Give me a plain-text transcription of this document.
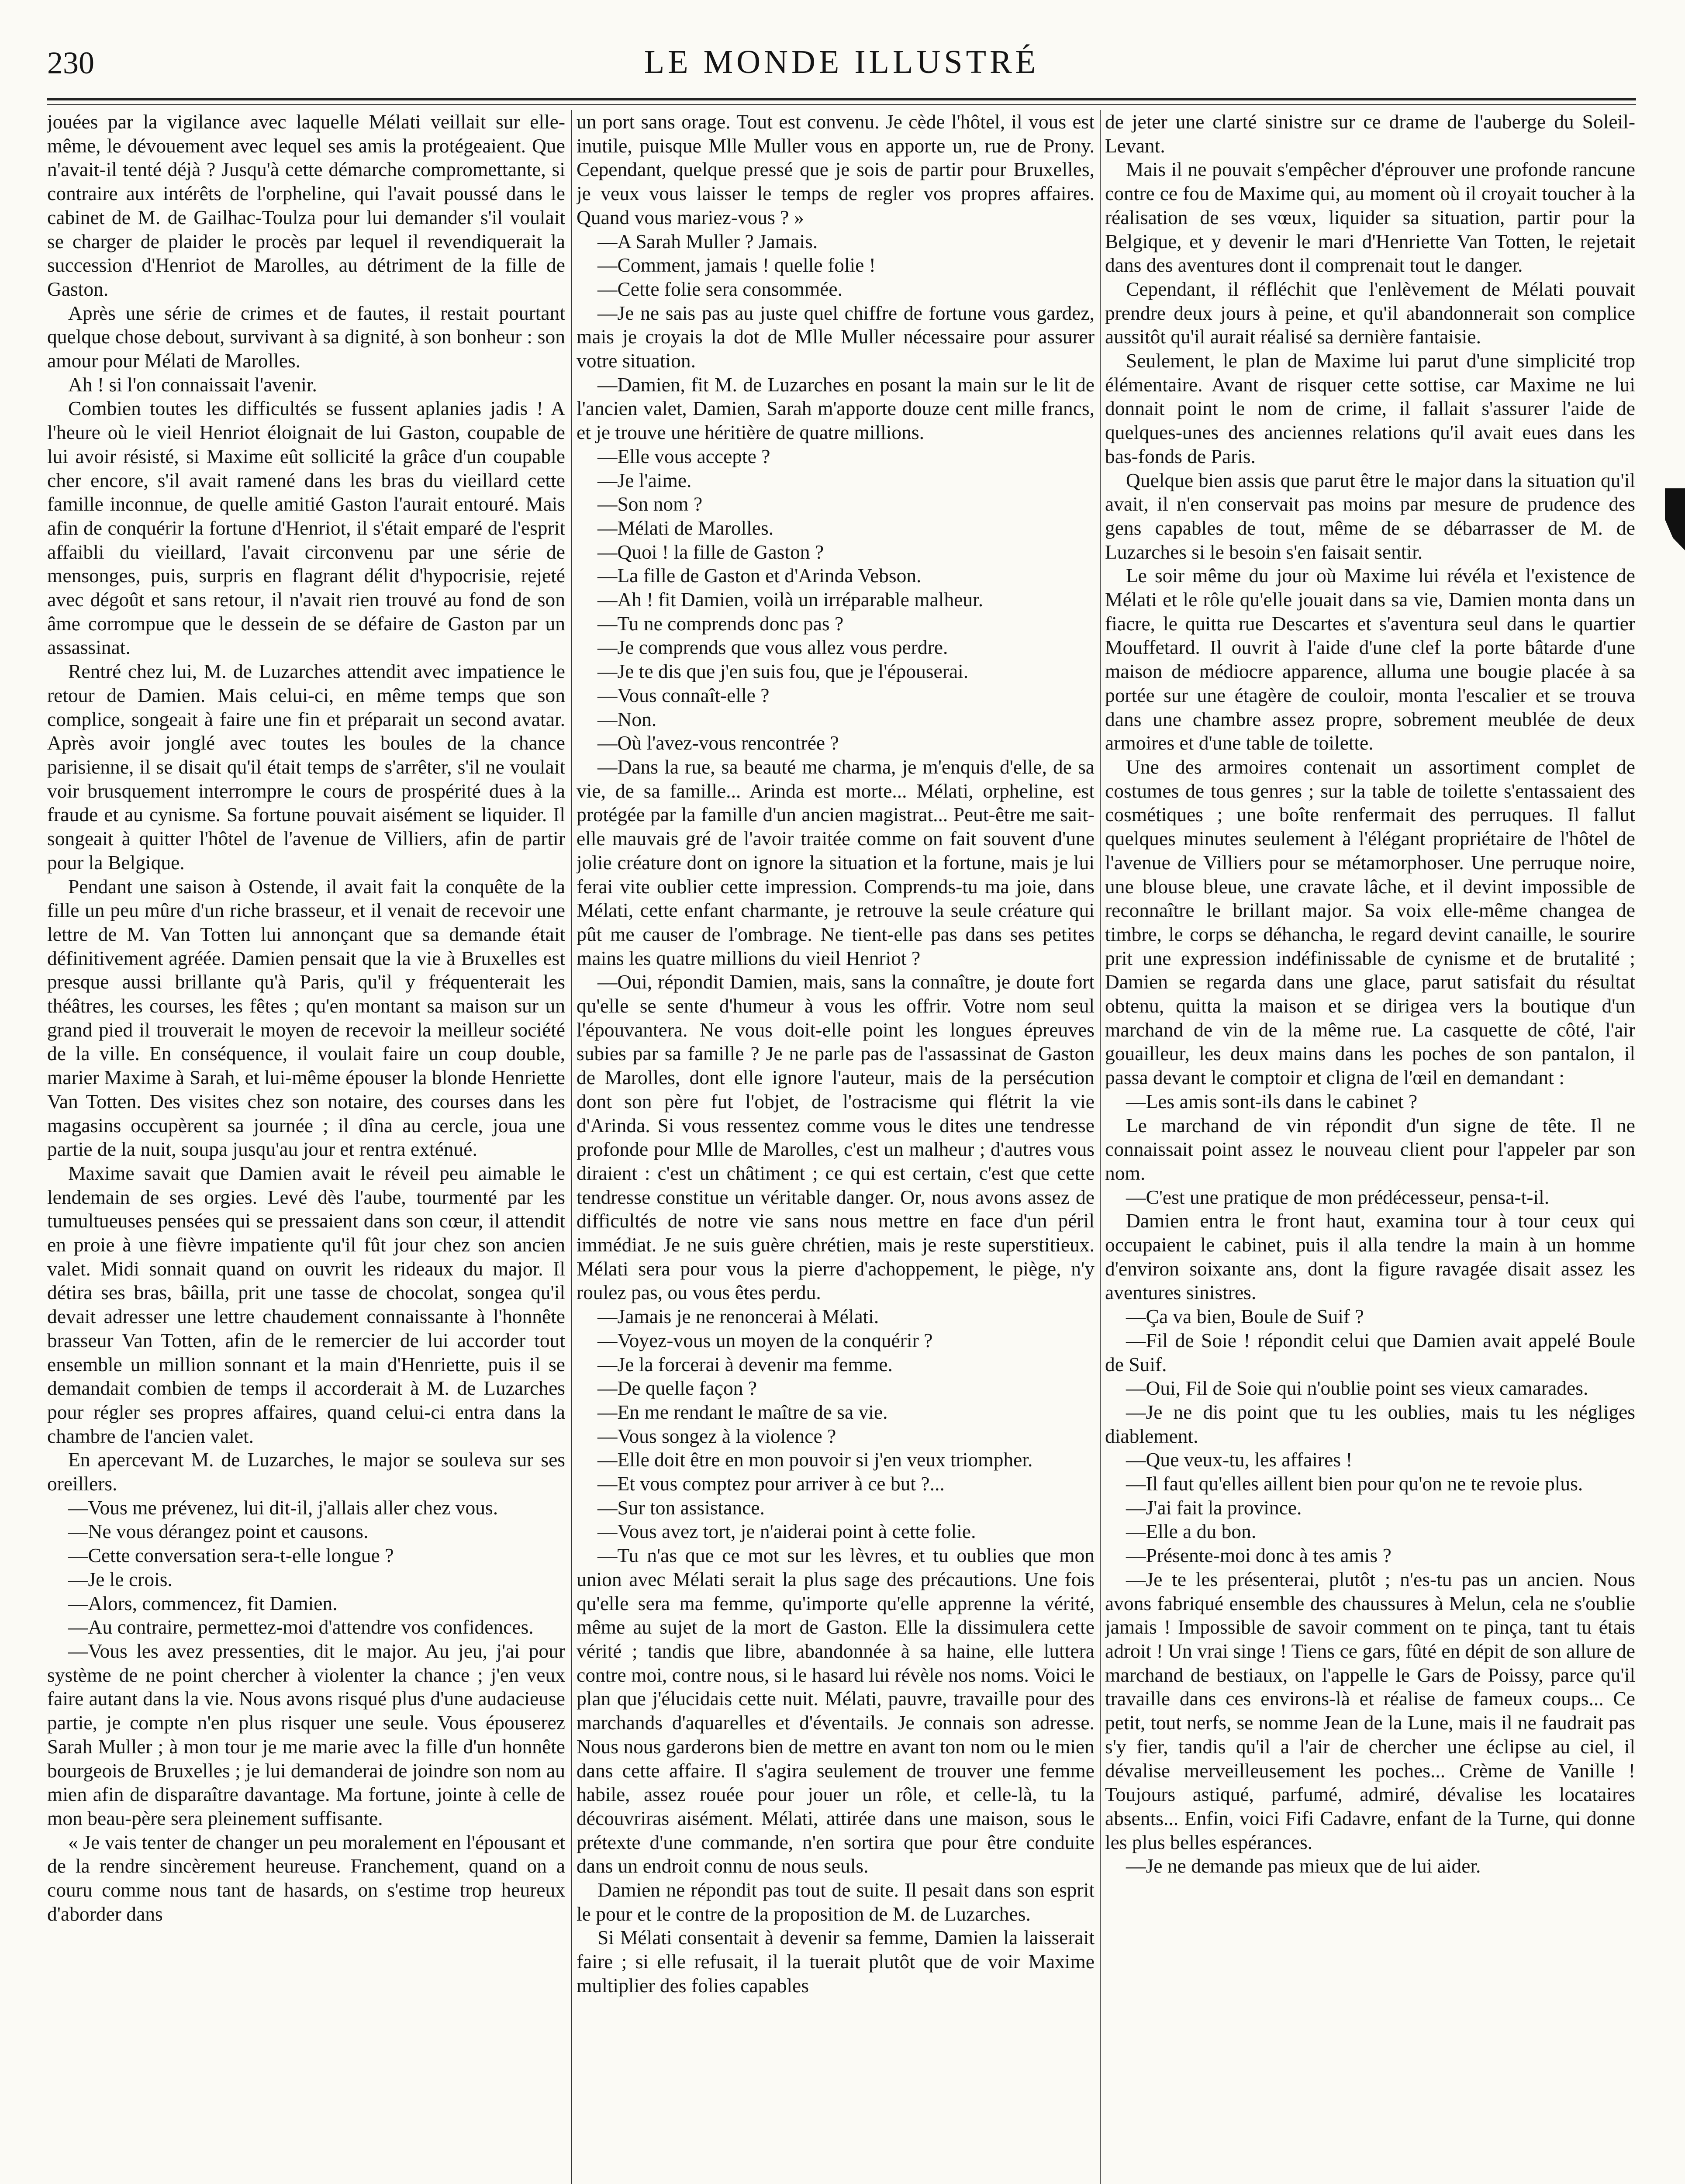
230	LE MONDE ILLUSTRÉ

jouées par la vigilance avec laquelle Mélati veillait sur elle-même, le dévouement avec lequel ses amis la protégeaient. Que n'avait-il tenté déjà ? Jusqu'à cette démarche compromettante, si contraire aux intérêts de l'orpheline, qui l'avait poussé dans le cabinet de M. de Gailhac-Toulza pour lui demander s'il voulait se charger de plaider le procès par lequel il revendiquerait la succession d'Henriot de Marolles, au détriment de la fille de Gaston.

Après une série de crimes et de fautes, il restait pourtant quelque chose debout, survivant à sa dignité, à son bonheur : son amour pour Mélati de Marolles.

Ah ! si l'on connaissait l'avenir.

Combien toutes les difficultés se fussent aplanies jadis ! A l'heure où le vieil Henriot éloignait de lui Gaston, coupable de lui avoir résisté, si Maxime eût sollicité la grâce d'un coupable cher encore, s'il avait ramené dans les bras du vieillard cette famille inconnue, de quelle amitié Gaston l'aurait entouré. Mais afin de conquérir la fortune d'Henriot, il s'était emparé de l'esprit affaibli du vieillard, l'avait circonvenu par une série de mensonges, puis, surpris en flagrant délit d'hypocrisie, rejeté avec dégoût et sans retour, il n'avait rien trouvé au fond de son âme corrompue que le dessein de se défaire de Gaston par un assassinat.

Rentré chez lui, M. de Luzarches attendit avec impatience le retour de Damien. Mais celui-ci, en même temps que son complice, songeait à faire une fin et préparait un second avatar. Après avoir jonglé avec toutes les boules de la chance parisienne, il se disait qu'il était temps de s'arrêter, s'il ne voulait voir brusquement interrompre le cours de prospérité dues à la fraude et au cynisme. Sa fortune pouvait aisément se liquider. Il songeait à quitter l'hôtel de l'avenue de Villiers, afin de partir pour la Belgique.

Pendant une saison à Ostende, il avait fait la conquête de la fille un peu mûre d'un riche brasseur, et il venait de recevoir une lettre de M. Van Totten lui annonçant que sa demande était définitivement agréée. Damien pensait que la vie à Bruxelles est presque aussi brillante qu'à Paris, qu'il y fréquenterait les théâtres, les courses, les fêtes ; qu'en montant sa maison sur un grand pied il trouverait le moyen de recevoir la meilleur société de la ville. En conséquence, il voulait faire un coup double, marier Maxime à Sarah, et lui-même épouser la blonde Henriette Van Totten. Des visites chez son notaire, des courses dans les magasins occupèrent sa journée ; il dîna au cercle, joua une partie de la nuit, soupa jusqu'au jour et rentra exténué.

Maxime savait que Damien avait le réveil peu aimable le lendemain de ses orgies. Levé dès l'aube, tourmenté par les tumultueuses pensées qui se pressaient dans son cœur, il attendit en proie à une fièvre impatiente qu'il fût jour chez son ancien valet. Midi sonnait quand on ouvrit les rideaux du major. Il détira ses bras, bâilla, prit une tasse de chocolat, songea qu'il devait adresser une lettre chaudement connaissante à l'honnête brasseur Van Totten, afin de le remercier de lui accorder tout ensemble un million sonnant et la main d'Henriette, puis il se demandait combien de temps il accorderait à M. de Luzarches pour régler ses propres affaires, quand celui-ci entra dans la chambre de l'ancien valet.

En apercevant M. de Luzarches, le major se souleva sur ses oreillers.

—Vous me prévenez, lui dit-il, j'allais aller chez vous.

—Ne vous dérangez point et causons.

—Cette conversation sera-t-elle longue ?

—Je le crois.

—Alors, commencez, fit Damien.

—Au contraire, permettez-moi d'attendre vos confidences.

—Vous les avez pressenties, dit le major. Au jeu, j'ai pour système de ne point chercher à violenter la chance ; j'en veux faire autant dans la vie. Nous avons risqué plus d'une audacieuse partie, je compte n'en plus risquer une seule. Vous épouserez Sarah Muller ; à mon tour je me marie avec la fille d'un honnête bourgeois de Bruxelles ; je lui demanderai de joindre son nom au mien afin de disparaître davantage. Ma fortune, jointe à celle de mon beau-père sera pleinement suffisante.

« Je vais tenter de changer un peu moralement en l'épousant et de la rendre sincèrement heureuse. Franchement, quand on a couru comme nous tant de hasards, on s'estime trop heureux d'aborder dans

un port sans orage. Tout est convenu. Je cède l'hôtel, il vous est inutile, puisque Mlle Muller vous en apporte un, rue de Prony. Cependant, quelque pressé que je sois de partir pour Bruxelles, je veux vous laisser le temps de regler vos propres affaires. Quand vous mariez-vous ? »

—A Sarah Muller ? Jamais.

—Comment, jamais ! quelle folie !

—Cette folie sera consommée.

—Je ne sais pas au juste quel chiffre de fortune vous gardez, mais je croyais la dot de Mlle Muller nécessaire pour assurer votre situation.

—Damien, fit M. de Luzarches en posant la main sur le lit de l'ancien valet, Damien, Sarah m'apporte douze cent mille francs, et je trouve une héritière de quatre millions.

—Elle vous accepte ?

—Je l'aime.

—Son nom ?

—Mélati de Marolles.

—Quoi ! la fille de Gaston ?

—La fille de Gaston et d'Arinda Vebson.

—Ah ! fit Damien, voilà un irréparable malheur.

—Tu ne comprends donc pas ?

—Je comprends que vous allez vous perdre.

—Je te dis que j'en suis fou, que je l'épouserai.

—Vous connaît-elle ?

—Non.

—Où l'avez-vous rencontrée ?

—Dans la rue, sa beauté me charma, je m'enquis d'elle, de sa vie, de sa famille... Arinda est morte... Mélati, orpheline, est protégée par la famille d'un ancien magistrat... Peut-être me sait-elle mauvais gré de l'avoir traitée comme on fait souvent d'une jolie créature dont on ignore la situation et la fortune, mais je lui ferai vite oublier cette impression. Comprends-tu ma joie, dans Mélati, cette enfant charmante, je retrouve la seule créature qui pût me causer de l'ombrage. Ne tient-elle pas dans ses petites mains les quatre millions du vieil Henriot ?

—Oui, répondit Damien, mais, sans la connaître, je doute fort qu'elle se sente d'humeur à vous les offrir. Votre nom seul l'épouvantera. Ne vous doit-elle point les longues épreuves subies par sa famille ? Je ne parle pas de l'assassinat de Gaston de Marolles, dont elle ignore l'auteur, mais de la persécution dont son père fut l'objet, de l'ostracisme qui flétrit la vie d'Arinda. Si vous ressentez comme vous le dites une tendresse profonde pour Mlle de Marolles, c'est un malheur ; d'autres vous diraient : c'est un châtiment ; ce qui est certain, c'est que cette tendresse constitue un véritable danger. Or, nous avons assez de difficultés de notre vie sans nous mettre en face d'un péril immédiat. Je ne suis guère chrétien, mais je reste superstitieux. Mélati sera pour vous la pierre d'achoppement, le piège, n'y roulez pas, ou vous êtes perdu.

—Jamais je ne renoncerai à Mélati.

—Voyez-vous un moyen de la conquérir ?

—Je la forcerai à devenir ma femme.

—De quelle façon ?

—En me rendant le maître de sa vie.

—Vous songez à la violence ?

—Elle doit être en mon pouvoir si j'en veux triompher.

—Et vous comptez pour arriver à ce but ?...

—Sur ton assistance.

—Vous avez tort, je n'aiderai point à cette folie.

—Tu n'as que ce mot sur les lèvres, et tu oublies que mon union avec Mélati serait la plus sage des précautions. Une fois qu'elle sera ma femme, qu'importe qu'elle apprenne la vérité, même au sujet de la mort de Gaston. Elle la dissimulera cette vérité ; tandis que libre, abandonnée à sa haine, elle luttera contre moi, contre nous, si le hasard lui révèle nos noms. Voici le plan que j'élucidais cette nuit. Mélati, pauvre, travaille pour des marchands d'aquarelles et d'éventails. Je connais son adresse. Nous nous garderons bien de mettre en avant ton nom ou le mien dans cette affaire. Il s'agira seulement de trouver une femme habile, assez rouée pour jouer un rôle, et celle-là, tu la découvriras aisément. Mélati, attirée dans une maison, sous le prétexte d'une commande, n'en sortira que pour être conduite dans un endroit connu de nous seuls.

Damien ne répondit pas tout de suite. Il pesait dans son esprit le pour et le contre de la proposition de M. de Luzarches.

Si Mélati consentait à devenir sa femme, Damien la laisserait faire ; si elle refusait, il la tuerait plutôt que de voir Maxime multiplier des folies capables

de jeter une clarté sinistre sur ce drame de l'auberge du Soleil-Levant.

Mais il ne pouvait s'empêcher d'éprouver une profonde rancune contre ce fou de Maxime qui, au moment où il croyait toucher à la réalisation de ses vœux, liquider sa situation, partir pour la Belgique, et y devenir le mari d'Henriette Van Totten, le rejetait dans des aventures dont il comprenait tout le danger.

Cependant, il réfléchit que l'enlèvement de Mélati pouvait prendre deux jours à peine, et qu'il abandonnerait son complice aussitôt qu'il aurait réalisé sa dernière fantaisie.

Seulement, le plan de Maxime lui parut d'une simplicité trop élémentaire. Avant de risquer cette sottise, car Maxime ne lui donnait point le nom de crime, il fallait s'assurer l'aide de quelques-unes des anciennes relations qu'il avait eues dans les bas-fonds de Paris.

Quelque bien assis que parut être le major dans la situation qu'il avait, il n'en conservait pas moins par mesure de prudence des gens capables de tout, même de se débarrasser de M. de Luzarches si le besoin s'en faisait sentir.

Le soir même du jour où Maxime lui révéla et l'existence de Mélati et le rôle qu'elle jouait dans sa vie, Damien monta dans un fiacre, le quitta rue Descartes et s'aventura seul dans le quartier Mouffetard. Il ouvrit à l'aide d'une clef la porte bâtarde d'une maison de médiocre apparence, alluma une bougie placée à sa portée sur une étagère de couloir, monta l'escalier et se trouva dans une chambre assez propre, sobrement meublée de deux armoires et d'une table de toilette.

Une des armoires contenait un assortiment complet de costumes de tous genres ; sur la table de toilette s'entassaient des cosmétiques ; une boîte renfermait des perruques. Il fallut quelques minutes seulement à l'élégant propriétaire de l'hôtel de l'avenue de Villiers pour se métamorphoser. Une perruque noire, une blouse bleue, une cravate lâche, et il devint impossible de reconnaître le brillant major. Sa voix elle-même changea de timbre, le corps se déhancha, le regard devint canaille, le sourire prit une expression indéfinissable de cynisme et de brutalité ; Damien se regarda dans une glace, parut satisfait du résultat obtenu, quitta la maison et se dirigea vers la boutique d'un marchand de vin de la même rue. La casquette de côté, l'air gouailleur, les deux mains dans les poches de son pantalon, il passa devant le comptoir et cligna de l'œil en demandant :

—Les amis sont-ils dans le cabinet ?

Le marchand de vin répondit d'un signe de tête. Il ne connaissait point assez le nouveau client pour l'appeler par son nom.

—C'est une pratique de mon prédécesseur, pensa-t-il.

Damien entra le front haut, examina tour à tour ceux qui occupaient le cabinet, puis il alla tendre la main à un homme d'environ soixante ans, dont la figure ravagée disait assez les aventures sinistres.

—Ça va bien, Boule de Suif ?

—Fil de Soie ! répondit celui que Damien avait appelé Boule de Suif.

—Oui, Fil de Soie qui n'oublie point ses vieux camarades.

—Je ne dis point que tu les oublies, mais tu les négliges diablement.

—Que veux-tu, les affaires !

—Il faut qu'elles aillent bien pour qu'on ne te revoie plus.

—J'ai fait la province.

—Elle a du bon.

—Présente-moi donc à tes amis ?

—Je te les présenterai, plutôt ; n'es-tu pas un ancien. Nous avons fabriqué ensemble des chaussures à Melun, cela ne s'oublie jamais ! Impossible de savoir comment on te pinça, tant tu étais adroit ! Un vrai singe ! Tiens ce gars, fûté en dépit de son allure de marchand de bestiaux, on l'appelle le Gars de Poissy, parce qu'il travaille dans ces environs-là et réalise de fameux coups... Ce petit, tout nerfs, se nomme Jean de la Lune, mais il ne faudrait pas s'y fier, tandis qu'il a l'air de chercher une éclipse au ciel, il dévalise merveilleusement les poches... Crème de Vanille ! Toujours astiqué, parfumé, admiré, dévalise les locataires absents... Enfin, voici Fifi Cadavre, enfant de la Turne, qui donne les plus belles espérances.

—Je ne demande pas mieux que de lui aider.
